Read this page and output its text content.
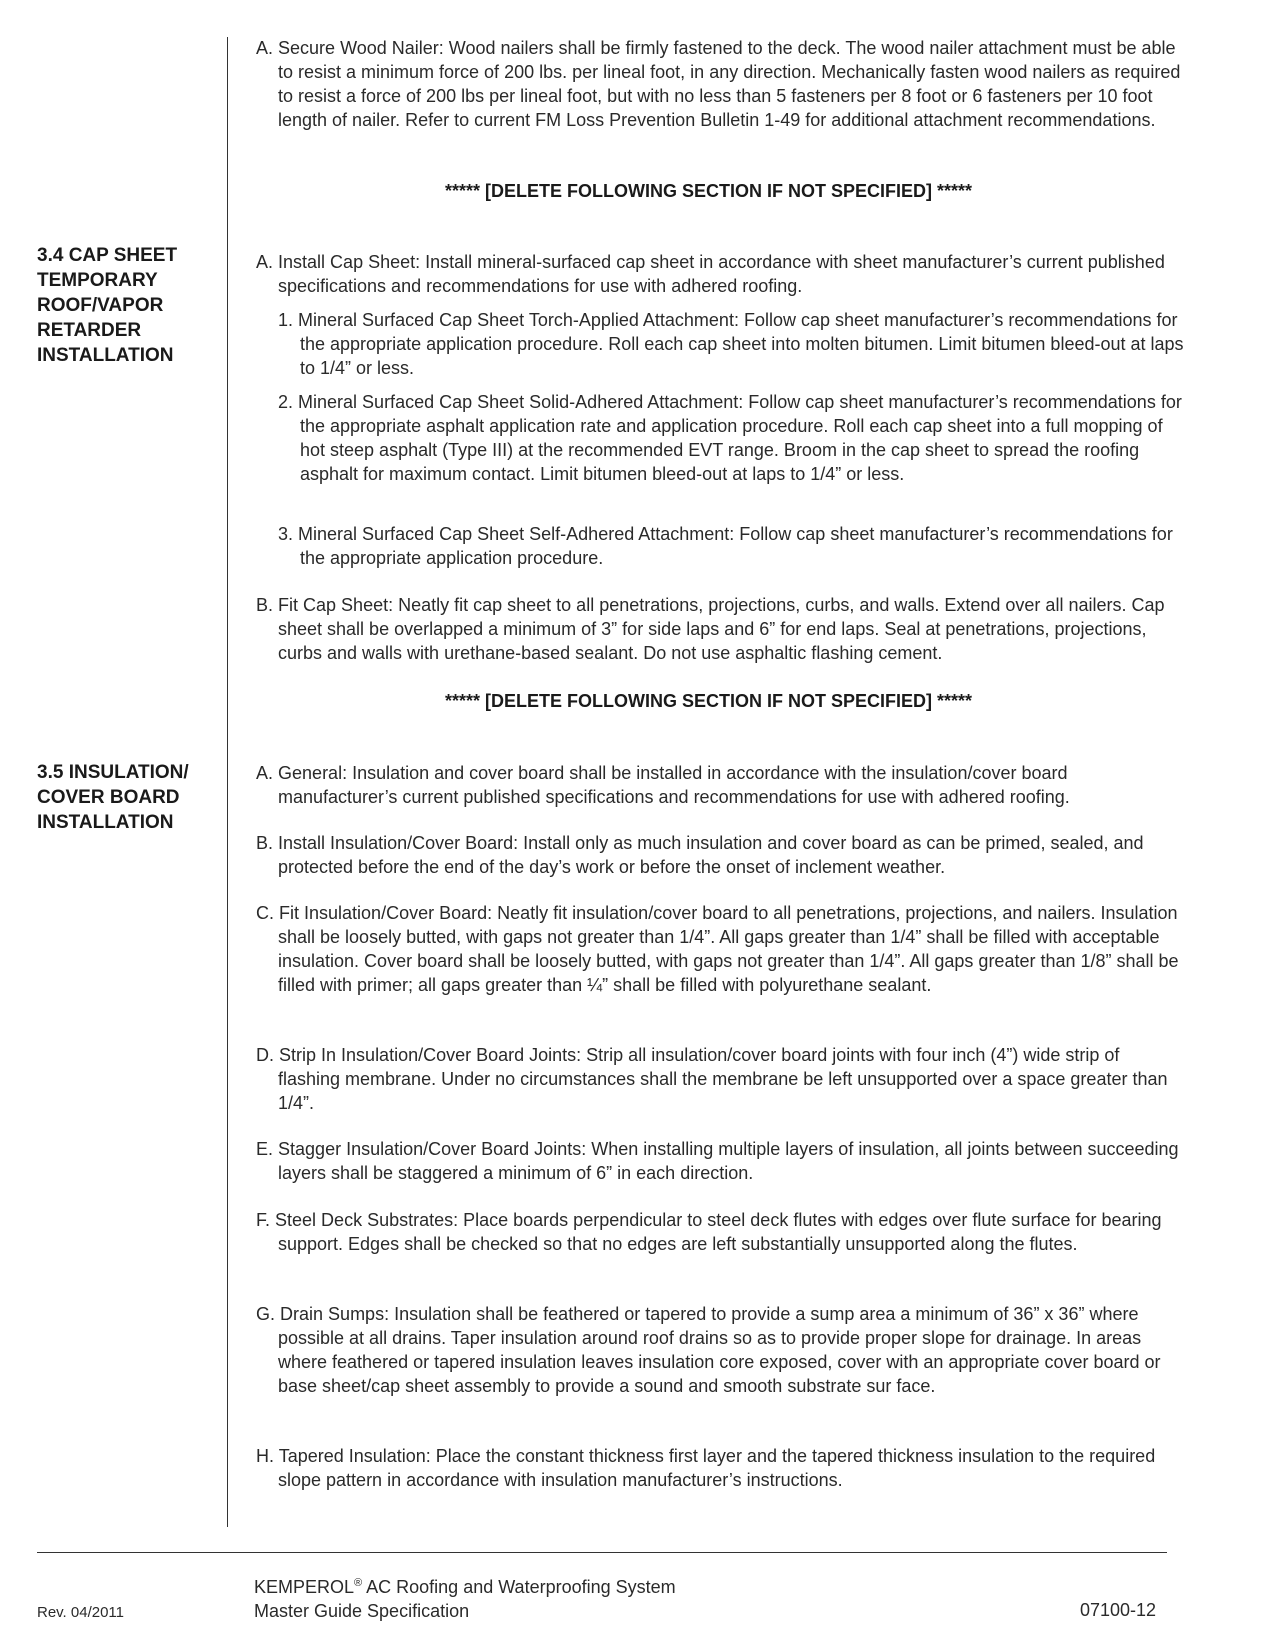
A. Secure Wood Nailer: Wood nailers shall be firmly fastened to the deck. The wood nailer attachment must be able to resist a minimum force of 200 lbs. per lineal foot, in any direction. Mechanically fasten wood nailers as required to resist a force of 200 lbs per lineal foot, but with no less than 5 fasteners per 8 foot or 6 fasteners per 10 foot length of nailer. Refer to current FM Loss Prevention Bulletin 1-49 for additional attachment recommendations.
***** [DELETE FOLLOWING SECTION IF NOT SPECIFIED] *****
3.4 CAP SHEET
TEMPORARY
ROOF/VAPOR
RETARDER
INSTALLATION
A. Install Cap Sheet: Install mineral-surfaced cap sheet in accordance with sheet manufacturer’s current published specifications and recommendations for use with adhered roofing.
1. Mineral Surfaced Cap Sheet Torch-Applied Attachment: Follow cap sheet manufacturer’s recommendations for the appropriate application procedure. Roll each cap sheet into molten bitumen. Limit bitumen bleed-out at laps to 1/4” or less.
2. Mineral Surfaced Cap Sheet Solid-Adhered Attachment: Follow cap sheet manufacturer’s recommendations for the appropriate asphalt application rate and application procedure. Roll each cap sheet into a full mopping of hot steep asphalt (Type III) at the recommended EVT range. Broom in the cap sheet to spread the roofing asphalt for maximum contact. Limit bitumen bleed-out at laps to 1/4” or less.
3. Mineral Surfaced Cap Sheet Self-Adhered Attachment: Follow cap sheet manufacturer’s recommendations for the appropriate application procedure.
B. Fit Cap Sheet: Neatly fit cap sheet to all penetrations, projections, curbs, and walls. Extend over all nailers. Cap sheet shall be overlapped a minimum of 3” for side laps and 6” for end laps. Seal at penetrations, projections, curbs and walls with urethane-based sealant. Do not use asphaltic flashing cement.
***** [DELETE FOLLOWING SECTION IF NOT SPECIFIED] *****
3.5 INSULATION/
COVER BOARD
INSTALLATION
A. General: Insulation and cover board shall be installed in accordance with the insulation/cover board manufacturer’s current published specifications and recommendations for use with adhered roofing.
B. Install Insulation/Cover Board: Install only as much insulation and cover board as can be primed, sealed, and protected before the end of the day’s work or before the onset of inclement weather.
C. Fit Insulation/Cover Board: Neatly fit insulation/cover board to all penetrations, projections, and nailers. Insulation shall be loosely butted, with gaps not greater than 1/4”. All gaps greater than 1/4” shall be filled with acceptable insulation. Cover board shall be loosely butted, with gaps not greater than 1/4”. All gaps greater than 1/8” shall be filled with primer; all gaps greater than ¼” shall be filled with polyurethane sealant.
D. Strip In Insulation/Cover Board Joints: Strip all insulation/cover board joints with four inch (4”) wide strip of flashing membrane. Under no circumstances shall the membrane be left unsupported over a space greater than 1/4”.
E. Stagger Insulation/Cover Board Joints: When installing multiple layers of insulation, all joints between succeeding layers shall be staggered a minimum of 6” in each direction.
F. Steel Deck Substrates: Place boards perpendicular to steel deck flutes with edges over flute surface for bearing support. Edges shall be checked so that no edges are left substantially unsupported along the flutes.
G. Drain Sumps: Insulation shall be feathered or tapered to provide a sump area a minimum of 36” x 36” where possible at all drains. Taper insulation around roof drains so as to provide proper slope for drainage. In areas where feathered or tapered insulation leaves insulation core exposed, cover with an appropriate cover board or base sheet/cap sheet assembly to provide a sound and smooth substrate sur face.
H. Tapered Insulation: Place the constant thickness first layer and the tapered thickness insulation to the required slope pattern in accordance with insulation manufacturer’s instructions.
Rev. 04/2011
KEMPEROL® AC Roofing and Waterproofing System
Master Guide Specification	07100-12
